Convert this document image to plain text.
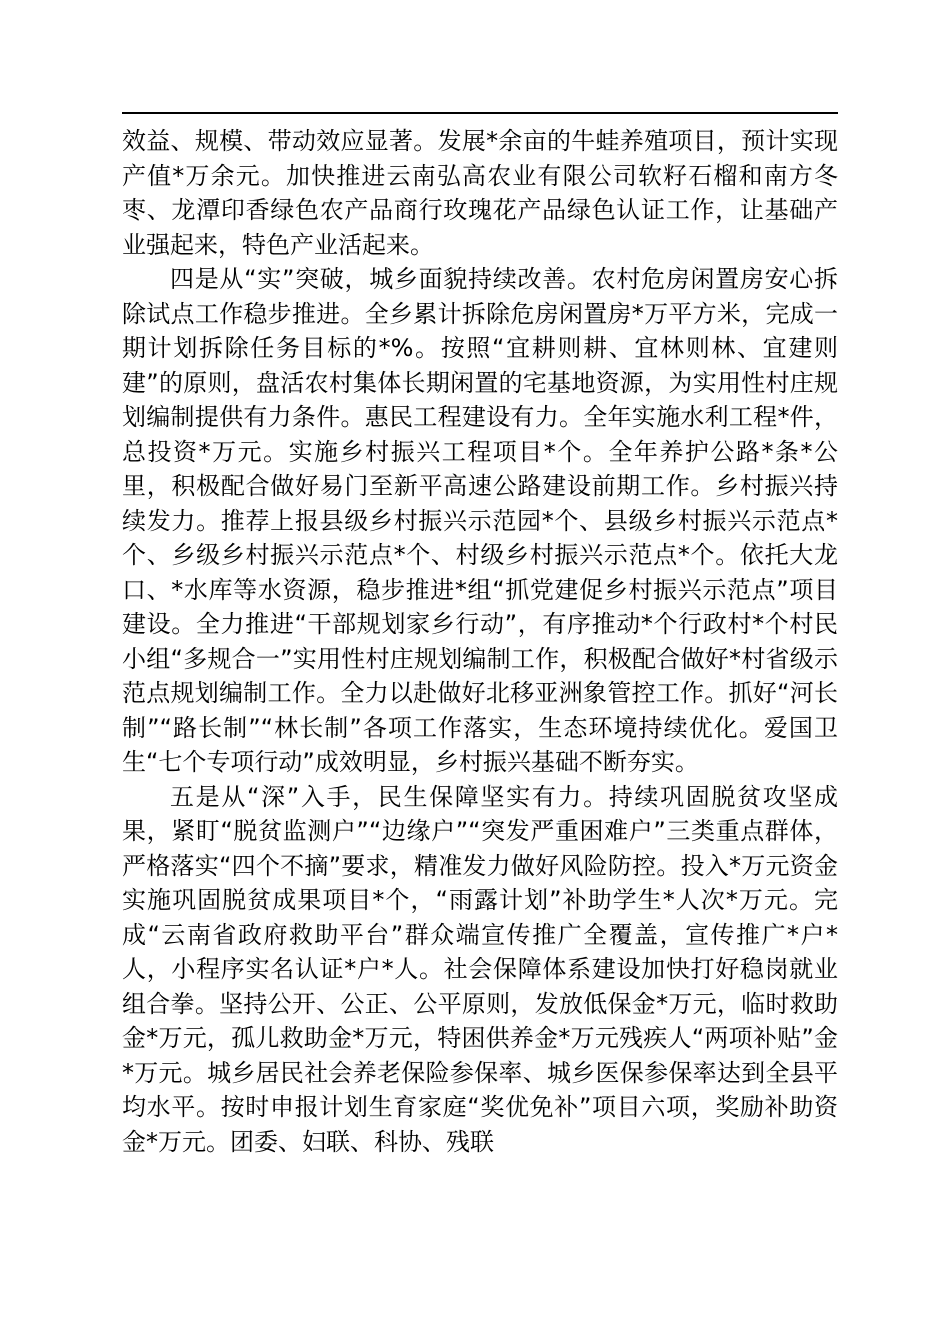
效益、规模、带动效应显著。发展*余亩的牛蛙养殖项目，预计实现产值*万余元。加快推进云南弘高农业有限公司软籽石榴和南方冬枣、龙潭印香绿色农产品商行玫瑰花产品绿色认证工作，让基础产业强起来，特色产业活起来。

四是从“实”突破，城乡面貌持续改善。农村危房闲置房安心拆除试点工作稳步推进。全乡累计拆除危房闲置房*万平方米，完成一期计划拆除任务目标的*%。按照“宜耕则耕、宜林则林、宜建则建”的原则，盘活农村集体长期闲置的宅基地资源，为实用性村庄规划编制提供有力条件。惠民工程建设有力。全年实施水利工程*件，总投资*万元。实施乡村振兴工程项目*个。全年养护公路*条*公里，积极配合做好易门至新平高速公路建设前期工作。乡村振兴持续发力。推荐上报县级乡村振兴示范园*个、县级乡村振兴示范点*个、乡级乡村振兴示范点*个、村级乡村振兴示范点*个。依托大龙口、*水库等水资源，稳步推进*组“抓党建促乡村振兴示范点”项目建设。全力推进“干部规划家乡行动”，有序推动*个行政村*个村民小组“多规合一”实用性村庄规划编制工作，积极配合做好*村省级示范点规划编制工作。全力以赴做好北移亚洲象管控工作。抓好“河长制”“路长制”“林长制”各项工作落实，生态环境持续优化。爱国卫生“七个专项行动”成效明显，乡村振兴基础不断夯实。

五是从“深”入手，民生保障坚实有力。持续巩固脱贫攻坚成果，紧盯“脱贫监测户”“边缘户”“突发严重困难户”三类重点群体，严格落实“四个不摘”要求，精准发力做好风险防控。投入*万元资金实施巩固脱贫成果项目*个，“雨露计划”补助学生*人次*万元。完成“云南省政府救助平台”群众端宣传推广全覆盖，宣传推广*户*人，小程序实名认证*户*人。社会保障体系建设加快打好稳岗就业组合拳。坚持公开、公正、公平原则，发放低保金*万元，临时救助金*万元，孤儿救助金*万元，特困供养金*万元残疾人“两项补贴”金*万元。城乡居民社会养老保险参保率、城乡医保参保率达到全县平均水平。按时申报计划生育家庭“奖优免补”项目六项，奖励补助资金*万元。团委、妇联、科协、残联
